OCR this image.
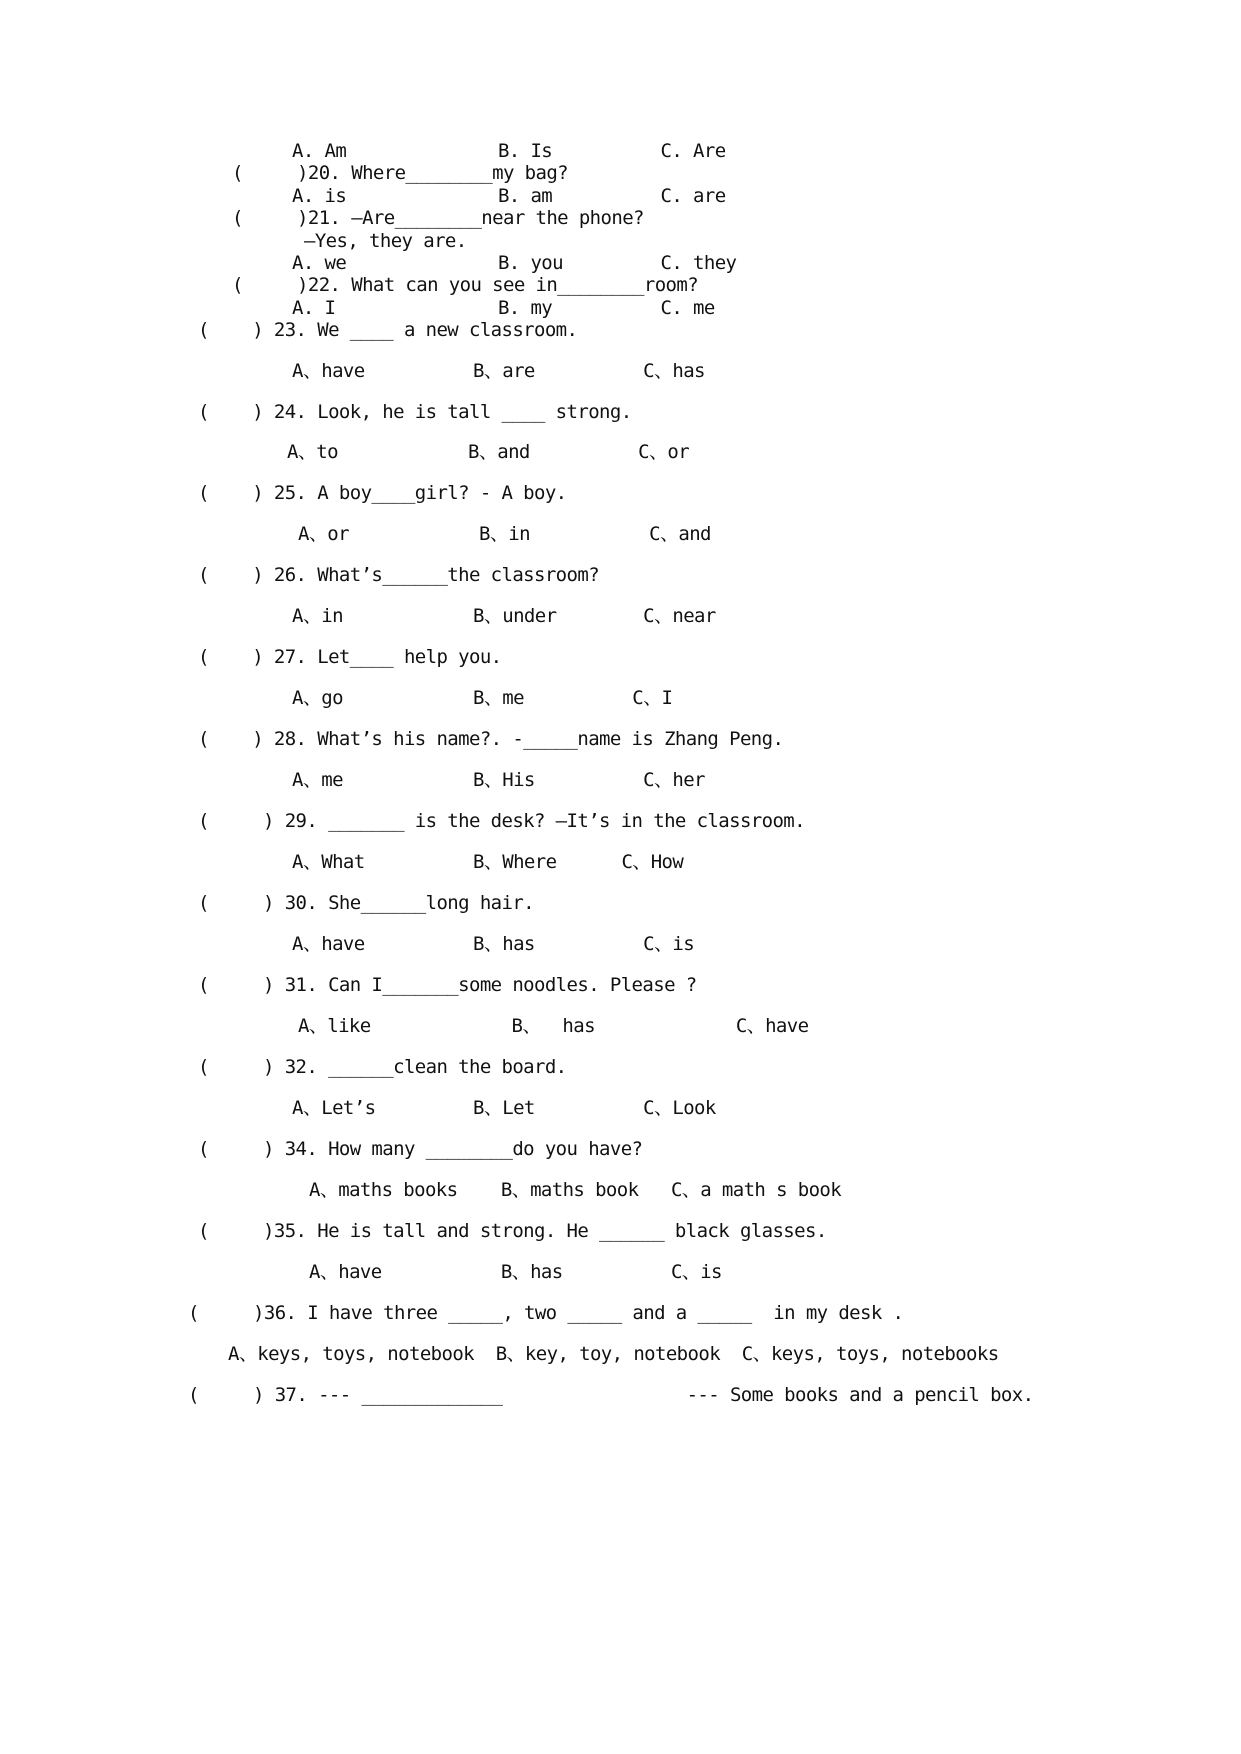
A. Am              B. Is          C. Are
(     )20. Where________my bag?
A. is              B. am          C. are
(     )21. —Are________near the phone?
—Yes, they are.
A. we              B. you         C. they
(     )22. What can you see in________room?
A. I               B. my          C. me
(    ) 23. We ____ a new classroom.
A、have          B、are          C、has
(    ) 24. Look, he is tall ____ strong.
A、to            B、and          C、or
(    ) 25. A boy____girl? - A boy.
A、or            B、in           C、and
(    ) 26. What’s______the classroom?
A、in            B、under        C、near
(    ) 27. Let____ help you.
A、go            B、me          C、I
(    ) 28. What’s his name?. -_____name is Zhang Peng.
A、me            B、His          C、her
(     ) 29. _______ is the desk? —It’s in the classroom.
A、What          B、Where      C、How
(     ) 30. She______long hair.
A、have          B、has          C、is
(     ) 31. Can I_______some noodles. Please ?
A、like             B、  has             C、have
(     ) 32. ______clean the board.
A、Let’s         B、Let          C、Look
(     ) 34. How many ________do you have?
A、maths books    B、maths book   C、a math s book
(     )35. He is tall and strong. He ______ black glasses.
A、have           B、has          C、is
(     )36. I have three _____, two _____ and a _____  in my desk .
A、keys, toys, notebook  B、key, toy, notebook  C、keys, toys, notebooks
(     ) 37. --- _____________                 --- Some books and a pencil box.
